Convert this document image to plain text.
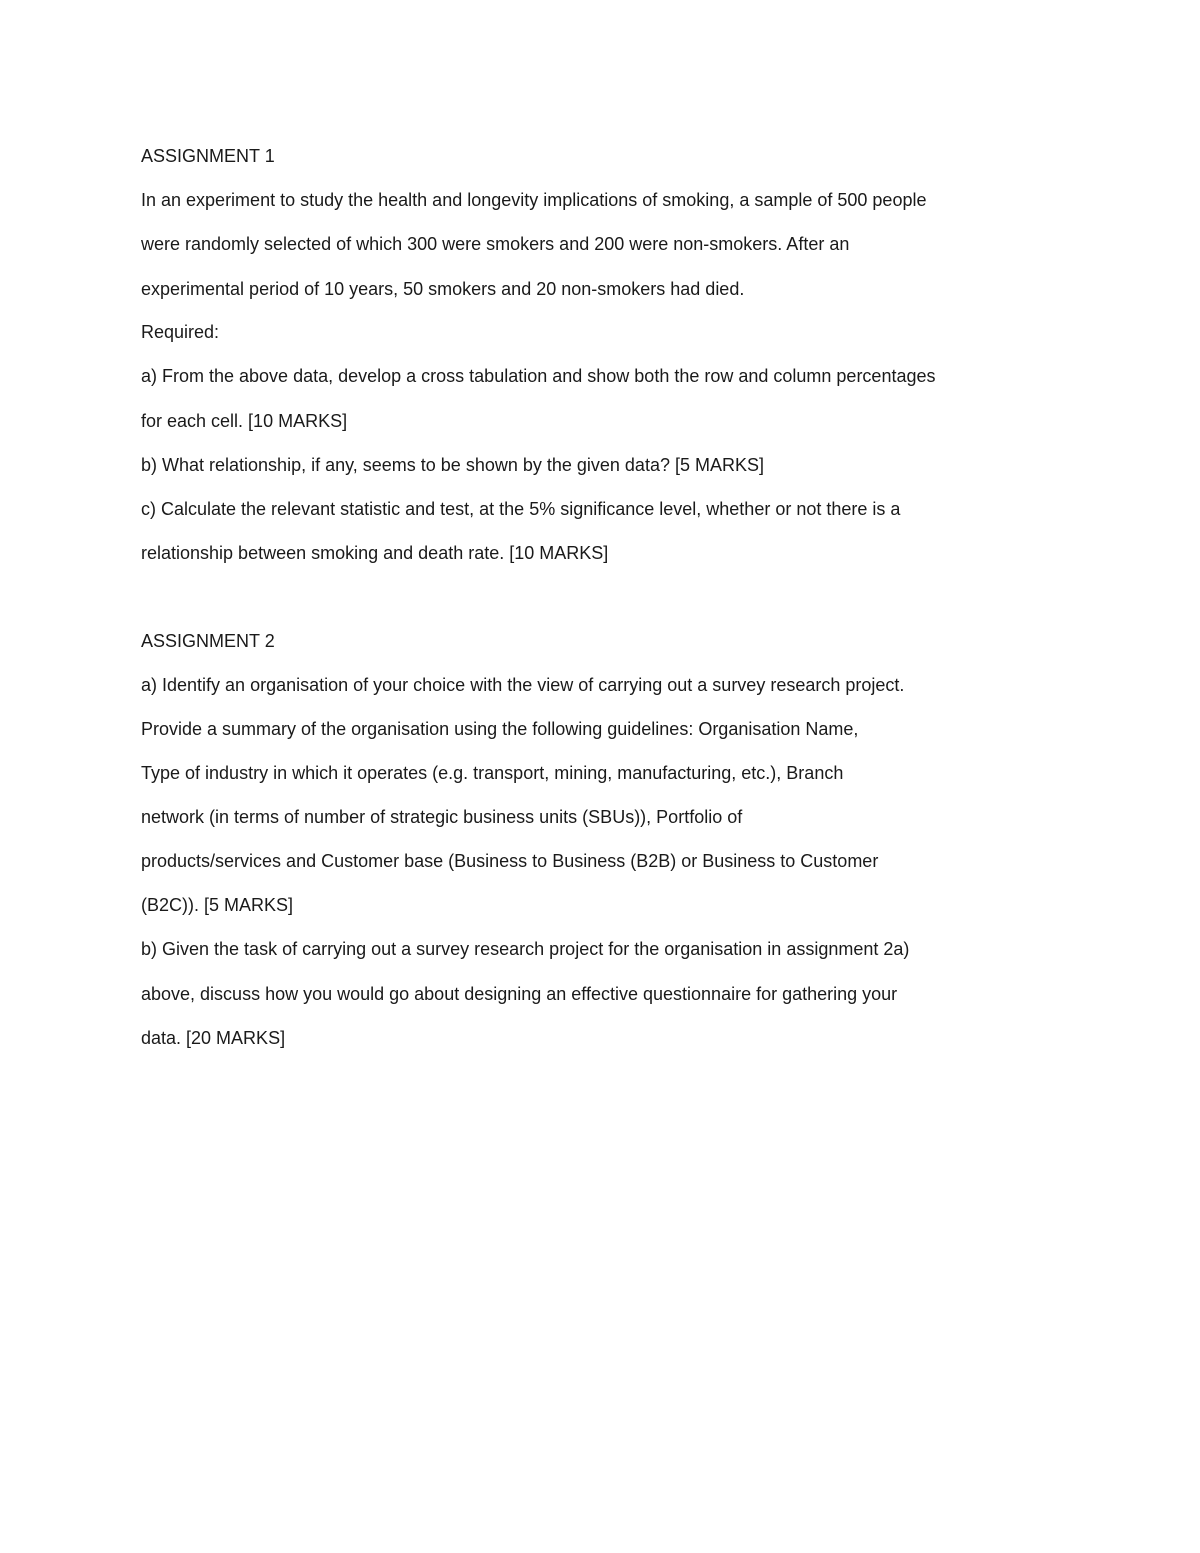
ASSIGNMENT 1
In an experiment to study the health and longevity implications of smoking, a sample of 500 people
were randomly selected of which 300 were smokers and 200 were non-smokers. After an
experimental period of 10 years, 50 smokers and 20 non-smokers had died.
Required:
a) From the above data, develop a cross tabulation and show both the row and column percentages
for each cell. [10 MARKS]
b) What relationship, if any, seems to be shown by the given data? [5 MARKS]
c) Calculate the relevant statistic and test, at the 5% significance level, whether or not there is a
relationship between smoking and death rate. [10 MARKS]
ASSIGNMENT 2
a) Identify an organisation of your choice with the view of carrying out a survey research project.
Provide a summary of the organisation using the following guidelines: Organisation Name,
Type of industry in which it operates (e.g. transport, mining, manufacturing, etc.), Branch
network (in terms of number of strategic business units (SBUs)), Portfolio of
products/services and Customer base (Business to Business (B2B) or Business to Customer
(B2C)). [5 MARKS]
b) Given the task of carrying out a survey research project for the organisation in assignment 2a)
above, discuss how you would go about designing an effective questionnaire for gathering your
data. [20 MARKS]
